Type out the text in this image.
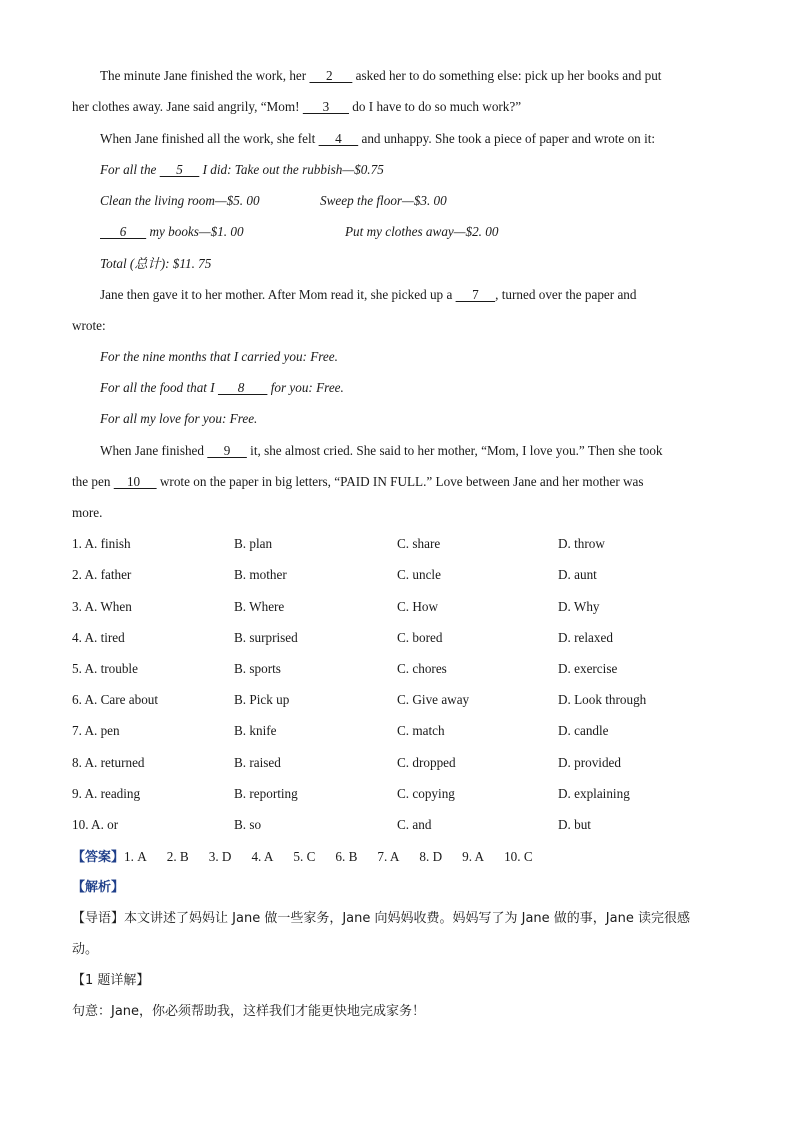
The minute Jane finished the work, her      2       asked her to do something else: pick up her books and put
her clothes away. Jane said angrily, “Mom!       3       do I have to do so much work?”
When Jane finished all the work, she felt      4      and unhappy. She took a piece of paper and wrote on it:
For all the      5      I did: Take out the rubbish—$0.75
Clean the living room—$5. 00	Sweep the floor—$3. 00
6       my books—$1. 00	Put my clothes away—$2. 00
Total (总计): $11. 75
Jane then gave it to her mother. After Mom read it, she picked up a      7     , turned over the paper and
wrote:
For the nine months that I carried you: Free.
For all the food that I       8        for you: Free.
For all my love for you: Free.
When Jane finished      9      it, she almost cried. She said to her mother, “Mom, I love you.” Then she took
the pen     10      wrote on the paper in big letters, “PAID IN FULL.” Love between Jane and her mother was
more.
1. A. finish	B. plan	C. share	D. throw
2. A. father	B. mother	C. uncle	D. aunt
3. A. When	B. Where	C. How	D. Why
4. A. tired	B. surprised	C. bored	D. relaxed
5. A. trouble	B. sports	C. chores	D. exercise
6. A. Care about	B. Pick up	C. Give away	D. Look through
7. A. pen	B. knife	C. match	D. candle
8. A. returned	B. raised	C. dropped	D. provided
9. A. reading	B. reporting	C. copying	D. explaining
10. A. or	B. so	C. and	D. but
【答案】1. A 2. B 3. D 4. A 5. C 6. B 7. A 8. D 9. A 10. C
【解析】
【导语】本文讲述了妈妈让 Jane 做一些家务，Jane 向妈妈收费。妈妈写了为 Jane 做的事，Jane 读完很感
动。
【1 题详解】
句意：Jane，你必须帮助我，这样我们才能更快地完成家务！
